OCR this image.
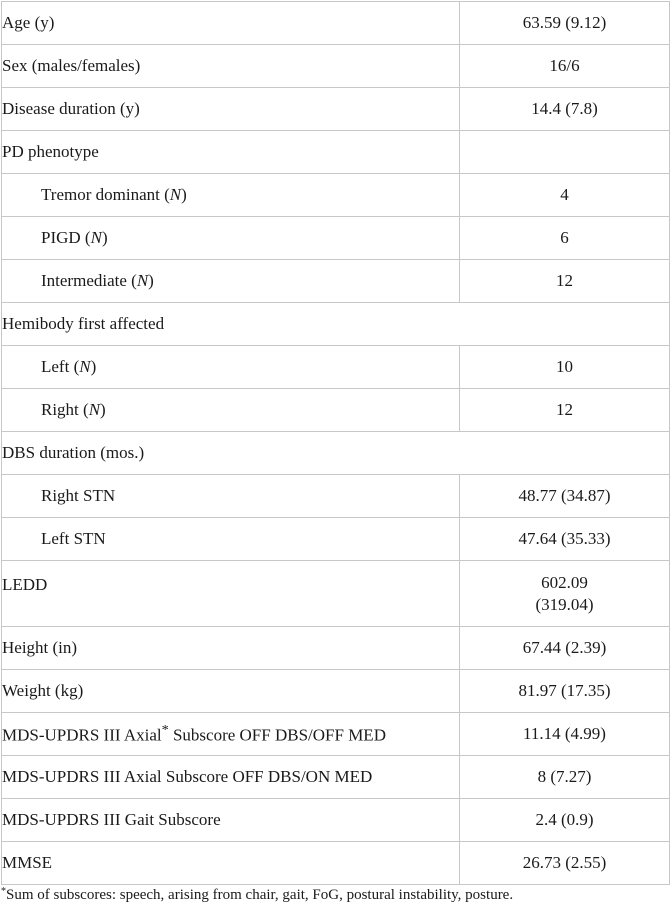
Age (y)	63.59 (9.12)
Sex (males/females)	16/6
Disease duration (y)	14.4 (7.8)
PD phenotype	
Tremor dominant (N)	4
PIGD (N)	6
Intermediate (N)	12
Hemibody first affected	
Left (N)	10
Right (N)	12
DBS duration (mos.)	
Right STN	48.77 (34.87)
Left STN	47.64 (35.33)
LEDD	602.09
(319.04)

Height (in)	67.44 (2.39)
Weight (kg)	81.97 (17.35)
MDS-UPDRS III Axial* Subscore OFF DBS/OFF MED	11.14 (4.99)
MDS-UPDRS III Axial Subscore OFF DBS/ON MED	8 (7.27)
MDS-UPDRS III Gait Subscore	2.4 (0.9)
MMSE	26.73 (2.55)
*Sum of subscores: speech, arising from chair, gait, FoG, postural instability, posture.
